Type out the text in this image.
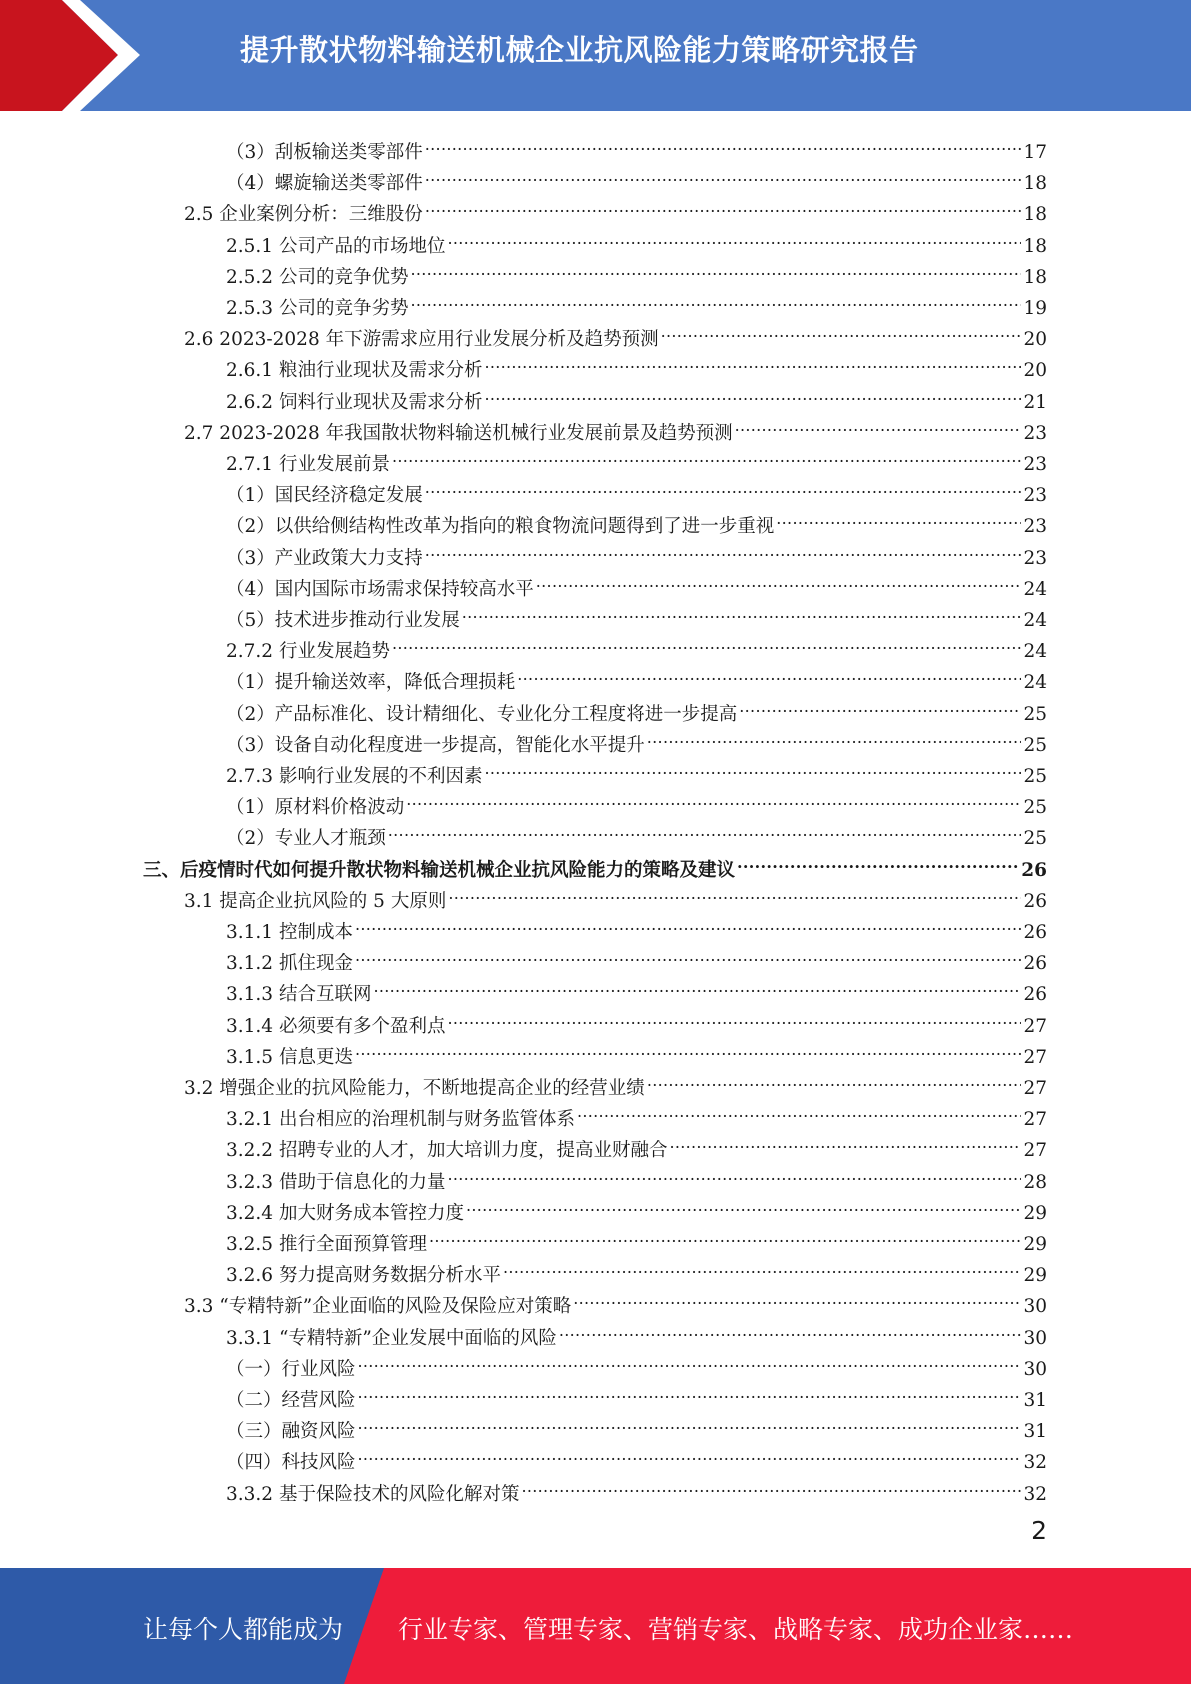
提升散状物料输送机械企业抗风险能力策略研究报告
（3）刮板输送类零部件 .....	17
（4）螺旋输送类零部件 .....	18
2.5 企业案例分析：三维股份 .....	18
2.5.1 公司产品的市场地位 .....	18
2.5.2 公司的竞争优势 .....	18
2.5.3 公司的竞争劣势 .....	19
2.6 2023-2028 年下游需求应用行业发展分析及趋势预测 .....	20
2.6.1 粮油行业现状及需求分析 .....	20
2.6.2 饲料行业现状及需求分析 .....	21
2.7 2023-2028 年我国散状物料输送机械行业发展前景及趋势预测 .....	23
2.7.1 行业发展前景 .....	23
（1）国民经济稳定发展 .....	23
（2）以供给侧结构性改革为指向的粮食物流问题得到了进一步重视 .....	23
（3）产业政策大力支持 .....	23
（4）国内国际市场需求保持较高水平 .....	24
（5）技术进步推动行业发展 .....	24
2.7.2 行业发展趋势 .....	24
（1）提升输送效率，降低合理损耗 .....	24
（2）产品标准化、设计精细化、专业化分工程度将进一步提高 .....	25
（3）设备自动化程度进一步提高，智能化水平提升 .....	25
2.7.3 影响行业发展的不利因素 .....	25
（1）原材料价格波动 .....	25
（2）专业人才瓶颈 .....	25
三、后疫情时代如何提升散状物料输送机械企业抗风险能力的策略及建议 .....	26
3.1 提高企业抗风险的 5 大原则 .....	26
3.1.1 控制成本 .....	26
3.1.2 抓住现金 .....	26
3.1.3 结合互联网 .....	26
3.1.4 必须要有多个盈利点 .....	27
3.1.5 信息更迭 .....	27
3.2 增强企业的抗风险能力，不断地提高企业的经营业绩 .....	27
3.2.1 出台相应的治理机制与财务监管体系 .....	27
3.2.2 招聘专业的人才，加大培训力度，提高业财融合 .....	27
3.2.3 借助于信息化的力量 .....	28
3.2.4 加大财务成本管控力度 .....	29
3.2.5 推行全面预算管理 .....	29
3.2.6 努力提高财务数据分析水平 .....	29
3.3 “专精特新”企业面临的风险及保险应对策略 .....	30
3.3.1 “专精特新”企业发展中面临的风险 .....	30
（一）行业风险 .....	30
（二）经营风险 .....	31
（三）融资风险 .....	31
（四）科技风险 .....	32
3.3.2 基于保险技术的风险化解对策 .....	32
2
让每个人都能成为 行业专家、管理专家、营销专家、战略专家、成功企业家……
